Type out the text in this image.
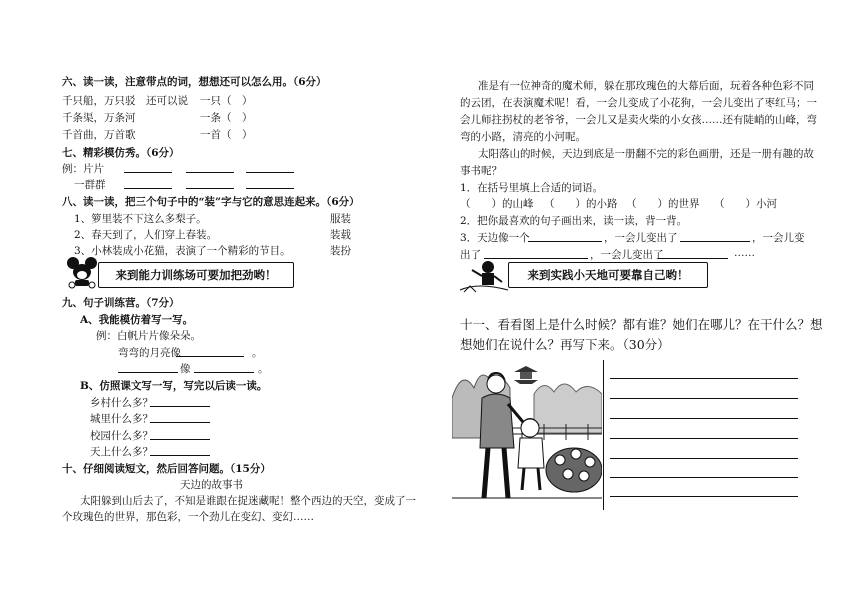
六、读一读，注意带点的词，想想还可以怎么用。（6分）
千只船，万只驳 还可以说 一只（　）
千条渠，万条河	一条（　）
千首曲，万首歌	一首（　）
七、精彩模仿秀。（6分）
例：片片
一群群
八、读一读，把三个句子中的“装”字与它的意思连起来。（6分）
1、箩里装不下这么多梨子。	服装
2、春天到了，人们穿上春装。	装载
3、小林装成小花猫，表演了一个精彩的节目。	装扮
来到能力训练场可要加把劲哟！
九、句子训练营。（7分）
A、我能模仿着写一写。
例：白帆片片像朵朵。
弯弯的月亮像	。
像	。
B、仿照课文写一写，写完以后读一读。
乡村什么多？
城里什么多？
校园什么多？
天上什么多？
十、仔细阅读短文，然后回答问题。（15分）
天边的故事书
太阳躲到山后去了，不知是谁跟在捉迷藏呢！整个西边的天空，变成了一
个玫瑰色的世界，那色彩，一个劲儿在变幻、变幻……
准是有一位神奇的魔术师，躲在那玫瑰色的大幕后面，玩着各种色彩不同
的云团，在表演魔术呢！看，一会儿变成了小花狗，一会儿变出了枣红马；一
会儿师拄拐杖的老爷爷，一会儿又是卖火柴的小女孩……还有陡峭的山峰，弯
弯的小路，清亮的小河呢。
太阳落山的时候，天边到底是一册翻不完的彩色画册，还是一册有趣的故
事书呢？
1．在括号里填上合适的词语。
（　　）的山峰 （　　）的小路 （　　）的世界 （　　）小河
2．把你最喜欢的句子画出来，读一读，背一背。
3．天边像一个	，一会儿变出了	，一会儿变
出了	，一会儿变出了	……
来到实践小天地可要靠自己哟！
十一、看看图上是什么时候？都有谁？她们在哪儿？在干什么？想
想她们在说什么？再写下来。（30分）
